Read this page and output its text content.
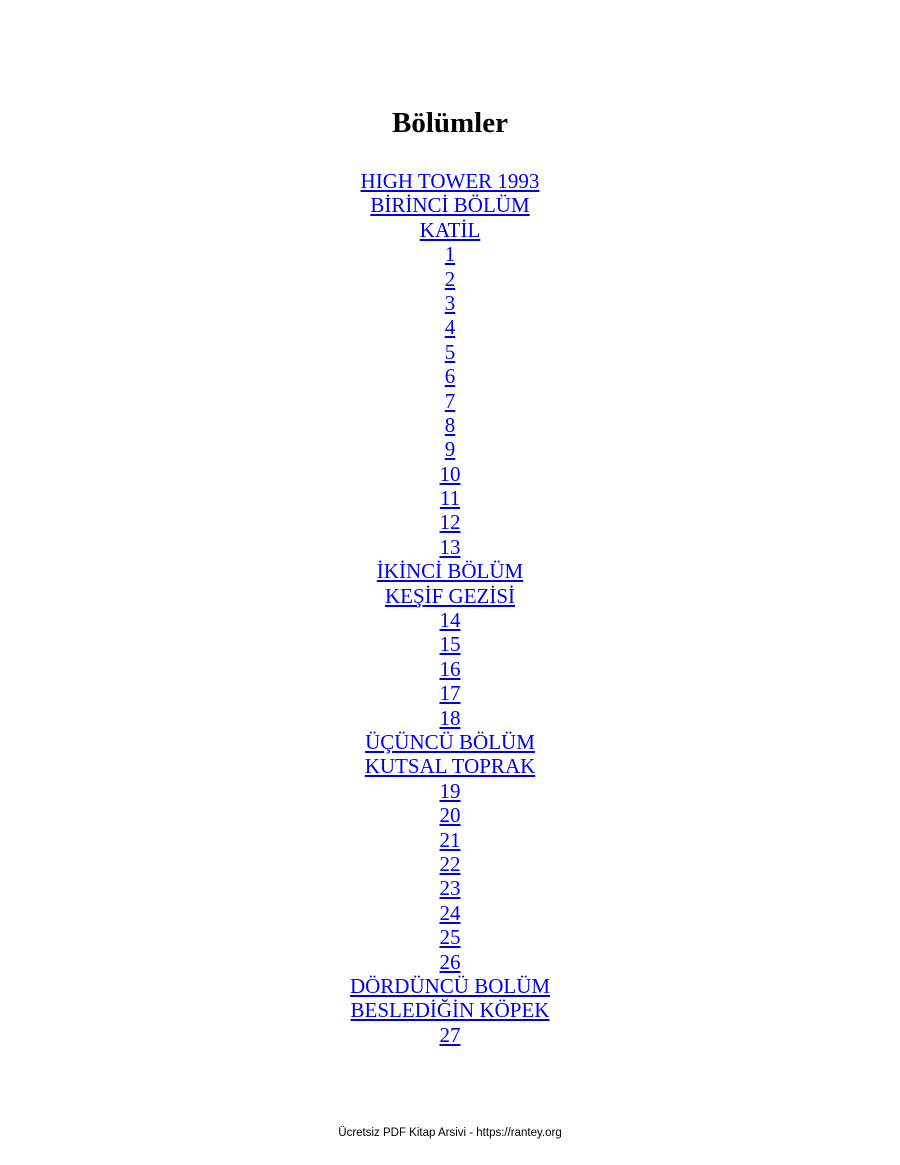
Bölümler
HIGH TOWER 1993
BİRİNCİ BÖLÜM
KATİL
1
2
3
4
5
6
7
8
9
10
11
12
13
İKİNCİ BÖLÜM
KEŞİF GEZİSİ
14
15
16
17
18
ÜÇÜNCÜ BÖLÜM
KUTSAL TOPRAK
19
20
21
22
23
24
25
26
DÖRDÜNCÜ BOLÜM
BESLEDİĞİN KÖPEK
27
Ücretsiz PDF Kitap Arsivi - https://rantey.org
